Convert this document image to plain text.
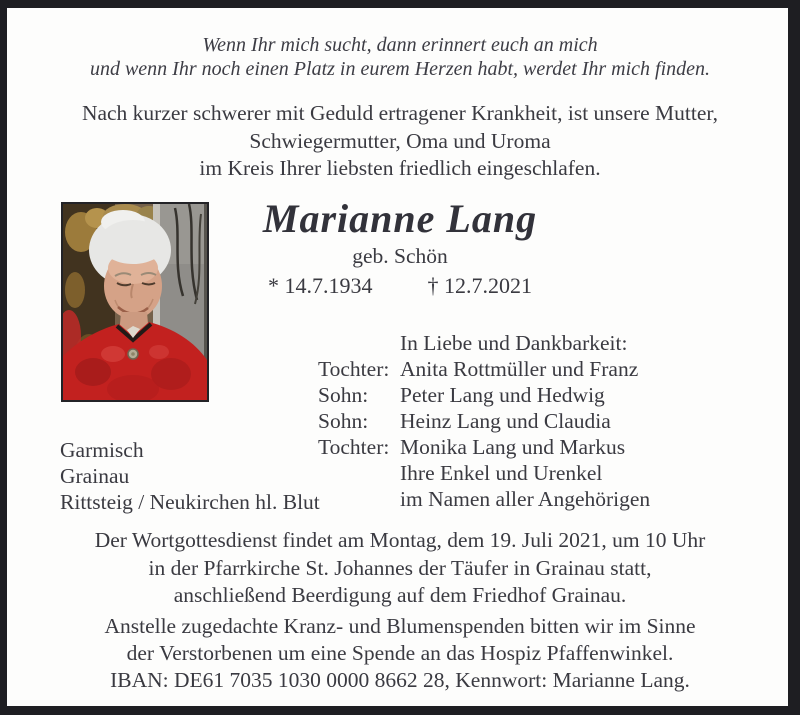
Wenn Ihr mich sucht, dann erinnert euch an mich
und wenn Ihr noch einen Platz in eurem Herzen habt, werdet Ihr mich finden.
Nach kurzer schwerer mit Geduld ertragener Krankheit, ist unsere Mutter,
Schwiegermutter, Oma und Uroma
im Kreis Ihrer liebsten friedlich eingeschlafen.
Marianne Lang
geb. Schön
* 14.7.1934	† 12.7.2021
In Liebe und Dankbarkeit:
Tochter: Anita Rottmüller und Franz
Sohn:	Peter Lang und Hedwig
Sohn:	Heinz Lang und Claudia
Tochter: Monika Lang und Markus
Ihre Enkel und Urenkel
im Namen aller Angehörigen
Garmisch
Grainau
Rittsteig / Neukirchen hl. Blut
Der Wortgottesdienst findet am Montag, dem 19. Juli 2021, um 10 Uhr
in der Pfarrkirche St. Johannes der Täufer in Grainau statt,
anschließend Beerdigung auf dem Friedhof Grainau.
Anstelle zugedachte Kranz- und Blumenspenden bitten wir im Sinne
der Verstorbenen um eine Spende an das Hospiz Pfaffenwinkel.
IBAN: DE61 7035 1030 0000 8662 28, Kennwort: Marianne Lang.
